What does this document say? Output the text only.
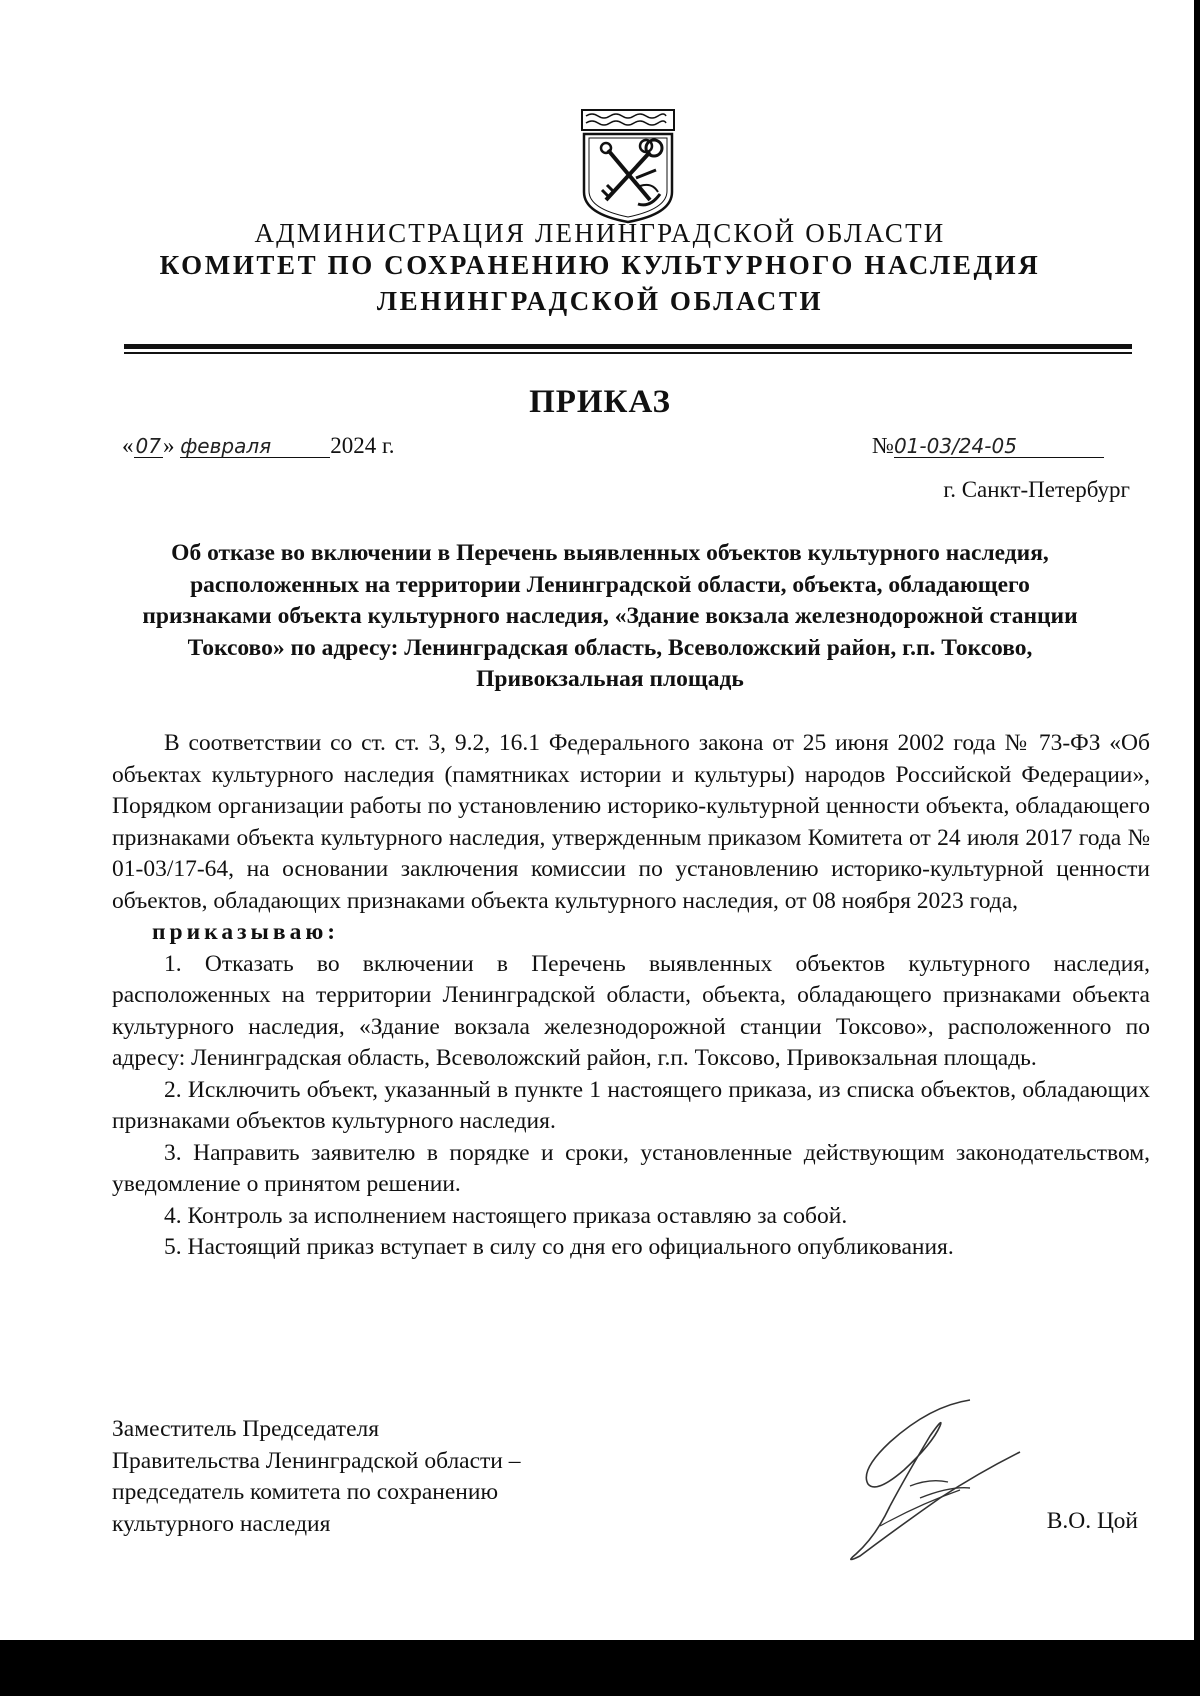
АДМИНИСТРАЦИЯ ЛЕНИНГРАДСКОЙ ОБЛАСТИ
КОМИТЕТ ПО СОХРАНЕНИЮ КУЛЬТУРНОГО НАСЛЕДИЯ
ЛЕНИНГРАДСКОЙ ОБЛАСТИ
ПРИКАЗ
« 07» февраля	2024 г.	№01-03/24-05
г. Санкт-Петербург
Об отказе во включении в Перечень выявленных объектов культурного наследия, расположенных на территории Ленинградской области, объекта, обладающего признаками объекта культурного наследия, «Здание вокзала железнодорожной станции Токсово» по адресу: Ленинградская область, Всеволожский район, г.п. Токсово, Привокзальная площадь

В соответствии со ст. ст. 3, 9.2, 16.1 Федерального закона от 25 июня 2002 года № 73-ФЗ «Об объектах культурного наследия (памятниках истории и культуры) народов Российской Федерации», Порядком организации работы по установлению историко-культурной ценности объекта, обладающего признаками объекта культурного наследия, утвержденным приказом Комитета от 24 июля 2017 года № 01-03/17-64, на основании заключения комиссии по установлению историко-культурной ценности объектов, обладающих признаками объекта культурного наследия, от 08 ноября 2023 года,

приказываю:

1. Отказать во включении в Перечень выявленных объектов культурного наследия, расположенных на территории Ленинградской области, объекта, обладающего признаками объекта культурного наследия, «Здание вокзала железнодорожной станции Токсово», расположенного по адресу: Ленинградская область, Всеволожский район, г.п. Токсово, Привокзальная площадь.

2. Исключить объект, указанный в пункте 1 настоящего приказа, из списка объектов, обладающих признаками объектов культурного наследия.

3. Направить заявителю в порядке и сроки, установленные действующим законодательством, уведомление о принятом решении.

4. Контроль за исполнением настоящего приказа оставляю за собой.

5. Настоящий приказ вступает в силу со дня его официального опубликования.

Заместитель Председателя
Правительства Ленинградской области –
председатель комитета по сохранению
культурного наследия	В.О. Цой
